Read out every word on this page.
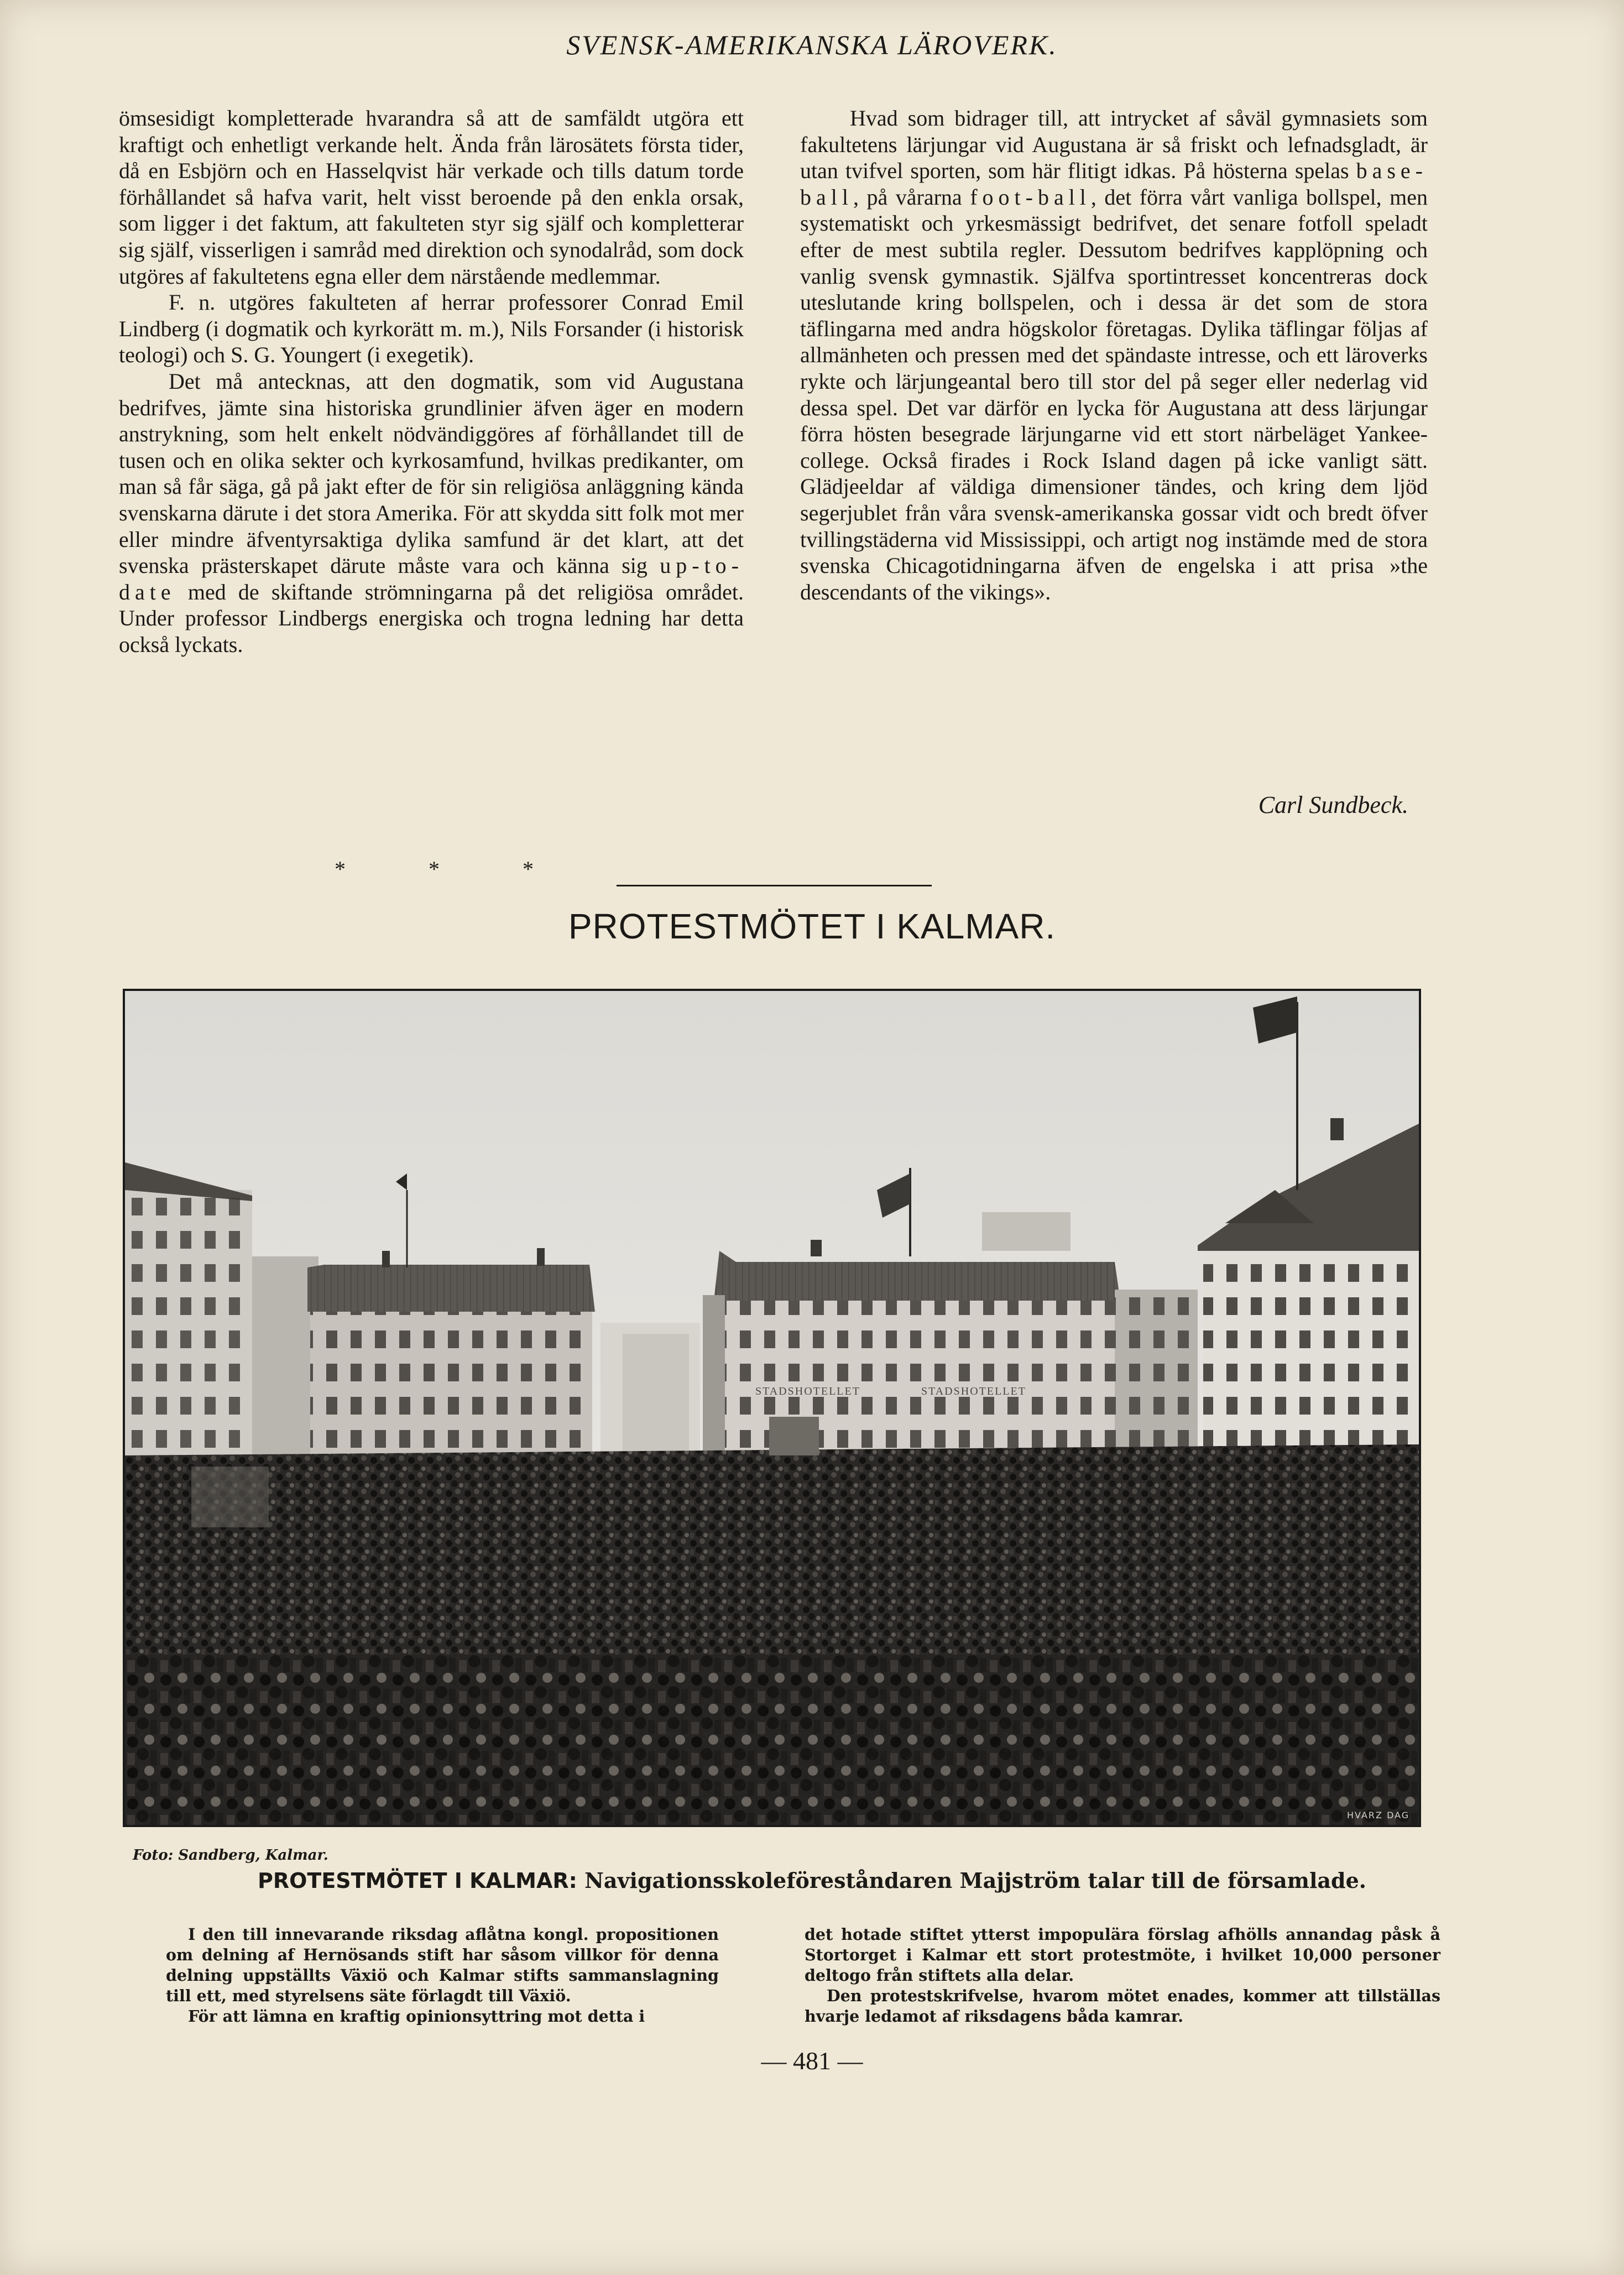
SVENSK-AMERIKANSKA LÄROVERK.

ömsesidigt kompletterade hvarandra så att de samfäldt utgöra ett kraftigt och enhetligt verkande helt. Ända från lärosätets första tider, då en Esbjörn och en Hasselqvist här verkade och tills datum torde förhållandet så hafva varit, helt visst beroende på den enkla orsak, som ligger i det faktum, att fakulteten styr sig själf och kompletterar sig själf, visserligen i samråd med direktion och synodalråd, som dock utgöres af fakultetens egna eller dem närstående medlemmar.

F. n. utgöres fakulteten af herrar professorer Conrad Emil Lindberg (i dogmatik och kyrkorätt m. m.), Nils Forsander (i historisk teologi) och S. G. Youngert (i exegetik).

Det må antecknas, att den dogmatik, som vid Augustana bedrifves, jämte sina historiska grundlinier äfven äger en modern anstrykning, som helt enkelt nödvändiggöres af förhållandet till de tusen och en olika sekter och kyrkosamfund, hvilkas predikanter, om man så får säga, gå på jakt efter de för sin religiösa anläggning kända svenskarna därute i det stora Amerika. För att skydda sitt folk mot mer eller mindre äfventyrsaktiga dylika samfund är det klart, att det svenska prästerskapet därute måste vara och känna sig up-to-date med de skiftande strömningarna på det religiösa området. Under professor Lindbergs energiska och trogna ledning har detta också lyckats.

*	*	*

Hvad som bidrager till, att intrycket af såväl gymnasiets som fakultetens lärjungar vid Augustana är så friskt och lefnadsgladt, är utan tvifvel sporten, som här flitigt idkas. På hösterna spelas base-ball, på vårarna foot-ball, det förra vårt vanliga bollspel, men systematiskt och yrkesmässigt bedrifvet, det senare fotfoll speladt efter de mest subtila regler. Dessutom bedrifves kapplöpning och vanlig svensk gymnastik. Själfva sportintresset koncentreras dock uteslutande kring bollspelen, och i dessa är det som de stora täflingarna med andra högskolor företagas. Dylika täflingar följas af allmänheten och pressen med det spändaste intresse, och ett läroverks rykte och lärjungeantal bero till stor del på seger eller nederlag vid dessa spel. Det var därför en lycka för Augustana att dess lärjungar förra hösten besegrade lärjungarne vid ett stort närbeläget Yankee-college. Också firades i Rock Island dagen på icke vanligt sätt. Glädjeeldar af väldiga dimensioner tändes, och kring dem ljöd segerjublet från våra svensk-amerikanska gossar vidt och bredt öfver tvillingstäderna vid Mississippi, och artigt nog instämde med de stora svenska Chicagotidningarna äfven de engelska i att prisa »the descendants of the vikings».

Carl Sundbeck.
PROTESTMÖTET I KALMAR.
STADSHOTELLET	STADSHOTELLET
HVARZ DAG
Foto: Sandberg, Kalmar.
PROTESTMÖTET I KALMAR: Navigationsskoleföreståndaren Majjström talar till de församlade.

I den till innevarande riksdag aflåtna kongl. propositionen om delning af Hernösands stift har såsom villkor för denna delning uppställts Växiö och Kalmar stifts sammanslagning till ett, med styrelsens säte förlagdt till Växiö.

För att lämna en kraftig opinionsyttring mot detta i

det hotade stiftet ytterst impopulära förslag afhölls annandag påsk å Stortorget i Kalmar ett stort protestmöte, i hvilket 10,000 personer deltogo från stiftets alla delar.

Den protestskrifvelse, hvarom mötet enades, kommer att tillställas hvarje ledamot af riksdagens båda kamrar.

— 481 —
